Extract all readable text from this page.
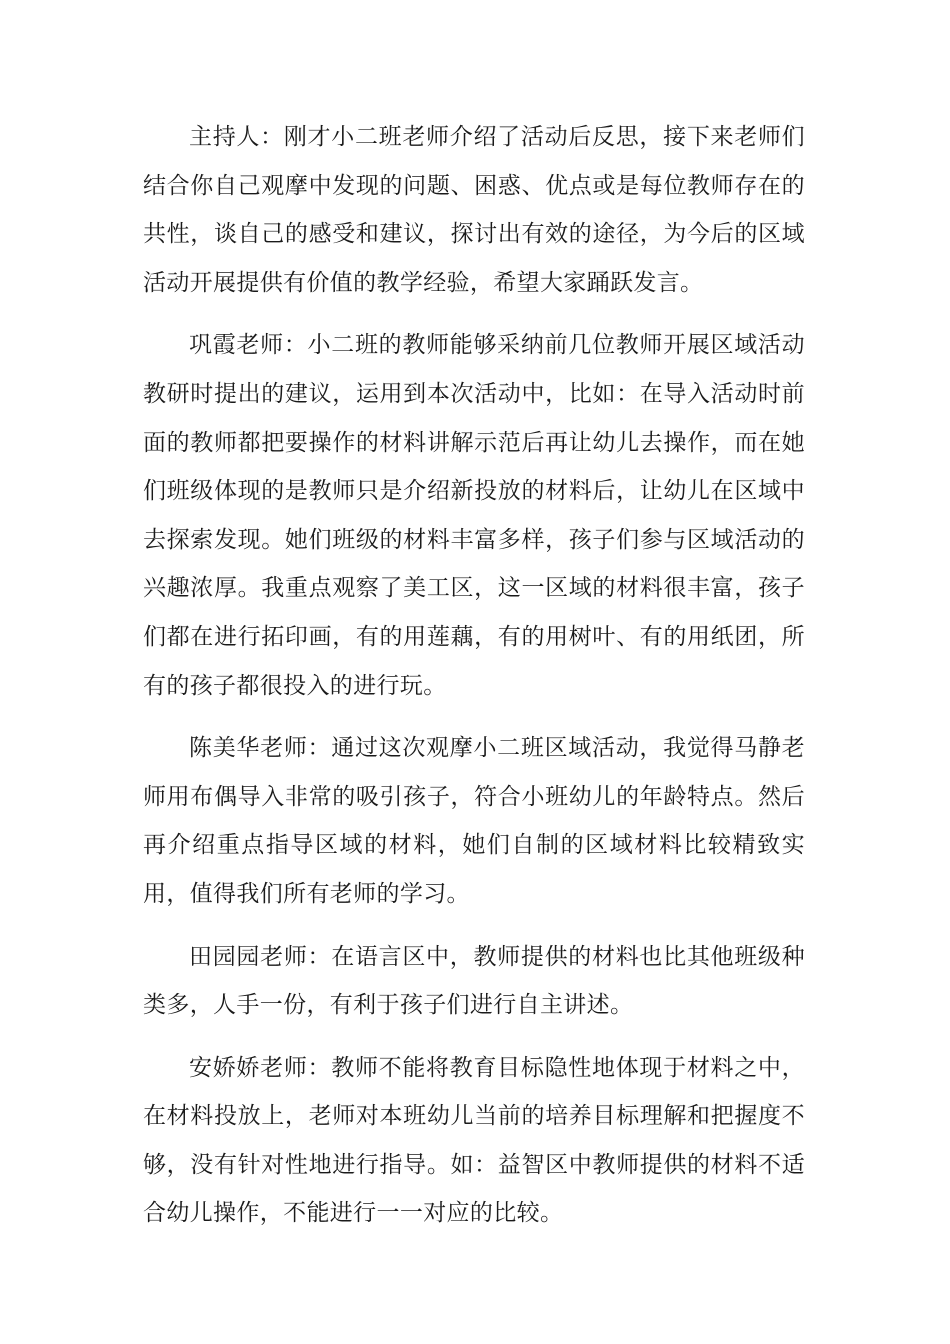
主持人：刚才小二班老师介绍了活动后反思，接下来老师们结合你自己观摩中发现的问题、困惑、优点或是每位教师存在的共性，谈自己的感受和建议，探讨出有效的途径，为今后的区域活动开展提供有价值的教学经验，希望大家踊跃发言。

巩霞老师：小二班的教师能够采纳前几位教师开展区域活动教研时提出的建议，运用到本次活动中，比如：在导入活动时前面的教师都把要操作的材料讲解示范后再让幼儿去操作，而在她们班级体现的是教师只是介绍新投放的材料后，让幼儿在区域中去探索发现。她们班级的材料丰富多样，孩子们参与区域活动的兴趣浓厚。我重点观察了美工区，这一区域的材料很丰富，孩子们都在进行拓印画，有的用莲藕，有的用树叶、有的用纸团，所有的孩子都很投入的进行玩。

陈美华老师：通过这次观摩小二班区域活动，我觉得马静老师用布偶导入非常的吸引孩子，符合小班幼儿的年龄特点。然后再介绍重点指导区域的材料，她们自制的区域材料比较精致实用，值得我们所有老师的学习。

田园园老师：在语言区中，教师提供的材料也比其他班级种类多，人手一份，有利于孩子们进行自主讲述。

安娇娇老师：教师不能将教育目标隐性地体现于材料之中，在材料投放上，老师对本班幼儿当前的培养目标理解和把握度不够，没有针对性地进行指导。如：益智区中教师提供的材料不适合幼儿操作，不能进行一一对应的比较。
